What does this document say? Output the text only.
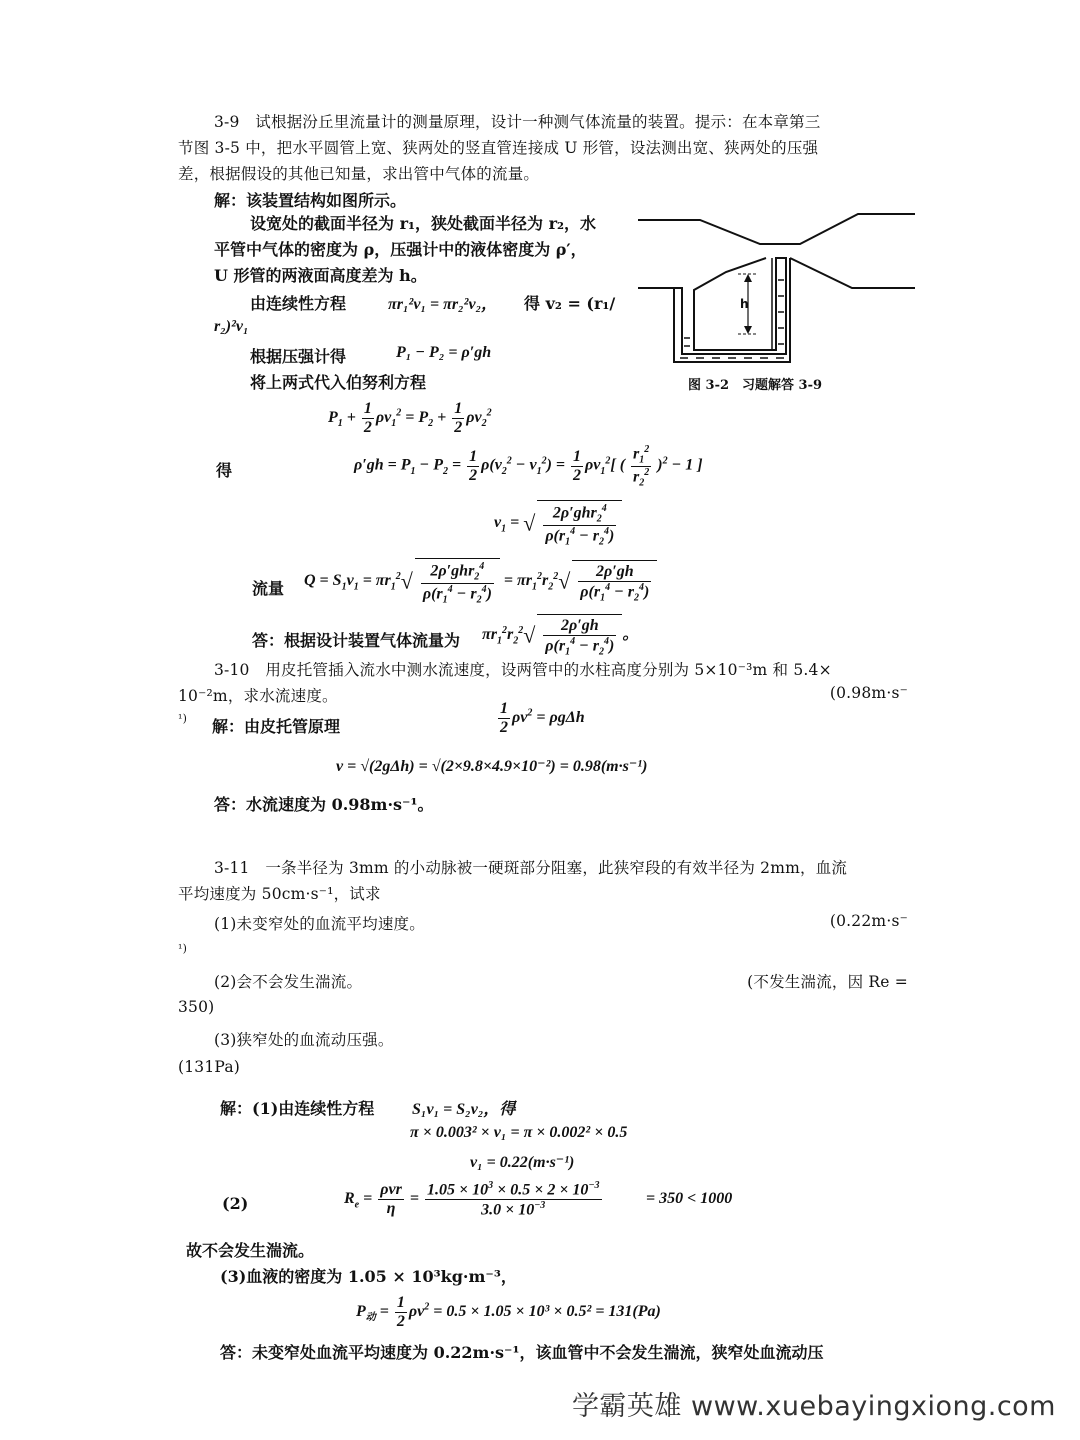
3-9　试根据汾丘里流量计的测量原理，设计一种测气体流量的装置。提示：在本章第三
节图 3-5 中，把水平圆管上宽、狭两处的竖直管连接成 U 形管，设法测出宽、狭两处的压强
差，根据假设的其他已知量，求出管中气体的流量。
解：该装置结构如图所示。
设宽处的截面半径为 r₁，狭处截面半径为 r₂，水
平管中气体的密度为 ρ，压强计中的液体密度为 ρ′，
U 形管的两液面高度差为 h。
由连续性方程	πr₁²v₁ = πr₂²v₂， 得 v₂ = (r₁/
r₂)²v₁
根据压强计得	P₁ − P₂ = ρ′gh
将上两式代入伯努利方程
$P_1 + \frac{1}{2} \rho v_1^2 = P_2 + \frac{1}{2} \rho v_2^2$
得	$\rho'gh = P_1 - P_2 = \frac{1}{2} \rho(v_2^2 - v_1^2) = \frac{1}{2} \rho v_1^2$[ ( $\frac{r_1^2}{r_2^2} )^2 - 1$ ]
$v_1$ = √ $\frac{2\rho'ghr_2^4}{\rho(r_1^4 - r_2^4)}$
流量 $Q = S_1v_1 = \pi r_1^2√ \frac{2\rho'ghr_2^4}{\rho(r_1^4 - r_2^4)} = \pi r_1^2r_2^2√ \frac{2\rho'gh}{\rho(r_1^4 - r_2^4)}$
答：根据设计装置气体流量为 $\pi r_1^2r_2^2√ \frac{2\rho'gh}{\rho(r_1^4 - r_2^4)}$ 。
h
图 3-2　习题解答 3-9
3-10　用皮托管插入流水中测水流速度，设两管中的水柱高度分别为 5×10⁻³m 和 5.4×
10⁻²m，求水流速度。	(0.98m·s⁻
¹) 解：由皮托管原理	$\frac{1}{2} \rho v^2 = \rho g\Delta h$
v = √(2gΔh) = √(2×9.8×4.9×10⁻²) = 0.98(m·s⁻¹)
答：水流速度为 0.98m·s⁻¹。
3-11　一条半径为 3mm 的小动脉被一硬斑部分阻塞，此狭窄段的有效半径为 2mm，血流
平均速度为 50cm·s⁻¹，试求
(1)未变窄处的血流平均速度。	(0.22m·s⁻
¹)
(2)会不会发生湍流。	(不发生湍流，因 Re =
350)
(3)狭窄处的血流动压强。
(131Pa)
解：(1)由连续性方程 S₁v₁ = S₂v₂，得
π × 0.003² × v₁ = π × 0.002² × 0.5
v₁ = 0.22(m·s⁻¹)
(2)	$R_e = \frac{\text{ρvr}}{\eta} = \frac{1.05 \times 10^3 \times 0.5 \times 2 \times 10^{-3}}{3.0 \times 10^{-3}}$	= 350 < 1000
故不会发生湍流。
(3)血液的密度为 1.05 × 10³kg·m⁻³，
$P_动 = \frac{1}{2} \rho v^2 = 0.5 \times 1.05 \times 10^3 \times 0.5^2 = 131(Pa)$
答：未变窄处血流平均速度为 0.22m·s⁻¹，该血管中不会发生湍流，狭窄处血流动压
学霸英雄 www.xuebayingxiong.com
